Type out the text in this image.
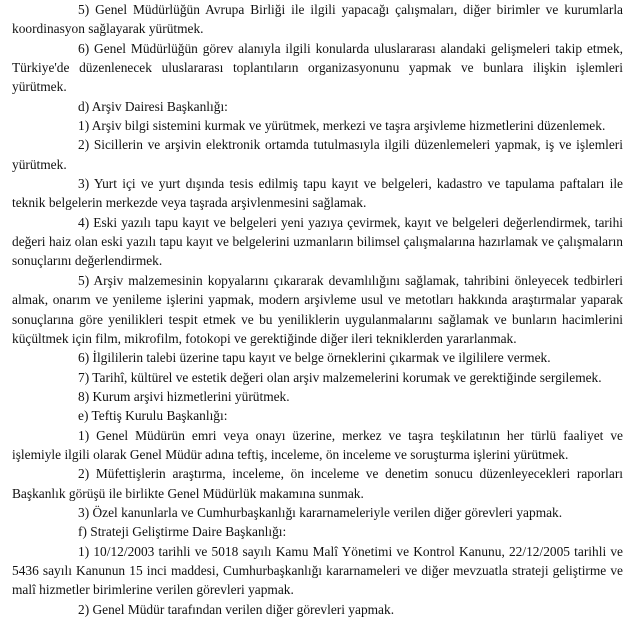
5) Genel Müdürlüğün Avrupa Birliği ile ilgili yapacağı çalışmaları, diğer birimler ve kurumlarla koordinasyon sağlayarak yürütmek.

6) Genel Müdürlüğün görev alanıyla ilgili konularda uluslararası alandaki gelişmeleri takip etmek, Türkiye'de düzenlenecek uluslararası toplantıların organizasyonunu yapmak ve bunlara ilişkin işlemleri yürütmek.

d) Arşiv Dairesi Başkanlığı:

1) Arşiv bilgi sistemini kurmak ve yürütmek, merkezi ve taşra arşivleme hizmetlerini düzenlemek.

2) Sicillerin ve arşivin elektronik ortamda tutulmasıyla ilgili düzenlemeleri yapmak, iş ve işlemleri yürütmek.

3) Yurt içi ve yurt dışında tesis edilmiş tapu kayıt ve belgeleri, kadastro ve tapulama paftaları ile teknik belgelerin merkezde veya taşrada arşivlenmesini sağlamak.

4) Eski yazılı tapu kayıt ve belgeleri yeni yazıya çevirmek, kayıt ve belgeleri değerlendirmek, tarihi değeri haiz olan eski yazılı tapu kayıt ve belgelerini uzmanların bilimsel çalışmalarına hazırlamak ve çalışmaların sonuçlarını değerlendirmek.

5) Arşiv malzemesinin kopyalarını çıkararak devamlılığını sağlamak, tahribini önleyecek tedbirleri almak, onarım ve yenileme işlerini yapmak, modern arşivleme usul ve metotları hakkında araştırmalar yaparak sonuçlarına göre yenilikleri tespit etmek ve bu yeniliklerin uygulanmalarını sağlamak ve bunların hacimlerini küçültmek için film, mikrofilm, fotokopi ve gerektiğinde diğer ileri tekniklerden yararlanmak.

6) İlgililerin talebi üzerine tapu kayıt ve belge örneklerini çıkarmak ve ilgililere vermek.

7) Tarihî, kültürel ve estetik değeri olan arşiv malzemelerini korumak ve gerektiğinde sergilemek.

8) Kurum arşivi hizmetlerini yürütmek.

e) Teftiş Kurulu Başkanlığı:

1) Genel Müdürün emri veya onayı üzerine, merkez ve taşra teşkilatının her türlü faaliyet ve işlemiyle ilgili olarak Genel Müdür adına teftiş, inceleme, ön inceleme ve soruşturma işlerini yürütmek.

2) Müfettişlerin araştırma, inceleme, ön inceleme ve denetim sonucu düzenleyecekleri raporları Başkanlık görüşü ile birlikte Genel Müdürlük makamına sunmak.

3) Özel kanunlarla ve Cumhurbaşkanlığı kararnameleriyle verilen diğer görevleri yapmak.

f) Strateji Geliştirme Daire Başkanlığı:

1) 10/12/2003 tarihli ve 5018 sayılı Kamu Malî Yönetimi ve Kontrol Kanunu, 22/12/2005 tarihli ve 5436 sayılı Kanunun 15 inci maddesi, Cumhurbaşkanlığı kararnameleri ve diğer mevzuatla strateji geliştirme ve malî hizmetler birimlerine verilen görevleri yapmak.

2) Genel Müdür tarafından verilen diğer görevleri yapmak.
